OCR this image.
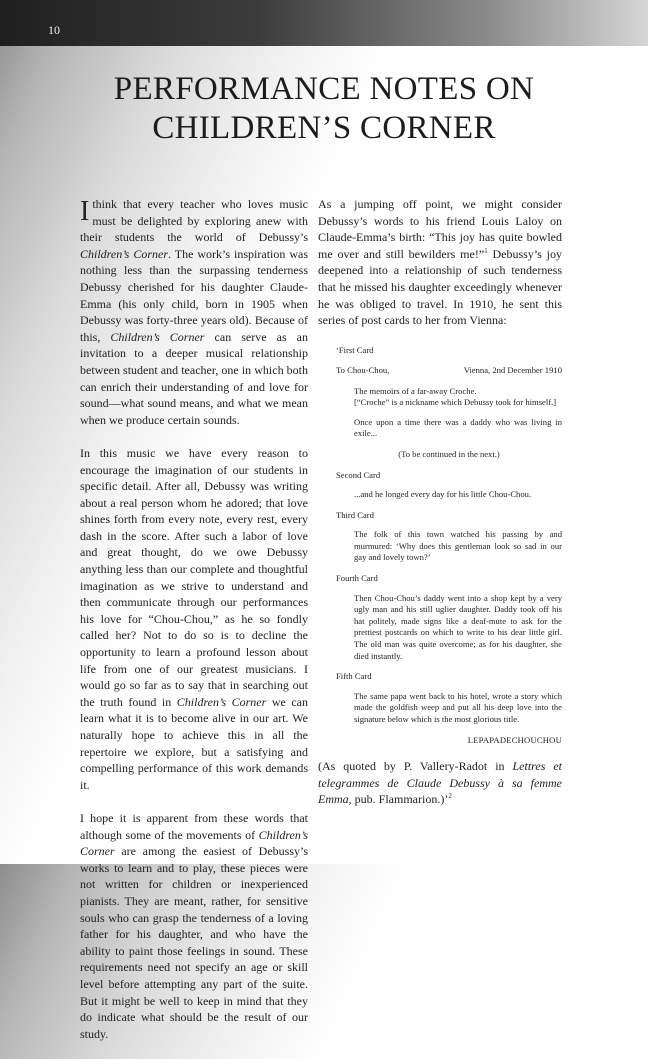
10
PERFORMANCE NOTES ON
CHILDREN’S CORNER

I think that every teacher who loves music must be delighted by exploring anew with their students the world of Debussy’s Children’s Corner. The work’s inspiration was nothing less than the surpassing tenderness Debussy cherished for his daughter Claude-Emma (his only child, born in 1905 when Debussy was forty-three years old). Because of this, Children’s Corner can serve as an invitation to a deeper musical relationship between student and teacher, one in which both can enrich their understanding of and love for sound—what sound means, and what we mean when we produce certain sounds.

In this music we have every reason to encourage the imagination of our students in specific detail. After all, Debussy was writing about a real person whom he adored; that love shines forth from every note, every rest, every dash in the score. After such a labor of love and great thought, do we owe Debussy anything less than our complete and thoughtful imagination as we strive to understand and then communicate through our performances his love for “Chou-Chou,” as he so fondly called her? Not to do so is to decline the opportunity to learn a profound lesson about life from one of our greatest musicians. I would go so far as to say that in searching out the truth found in Children’s Corner we can learn what it is to become alive in our art. We naturally hope to achieve this in all the repertoire we explore, but a satisfying and compelling performance of this work demands it.

I hope it is apparent from these words that although some of the movements of Children’s Corner are among the easiest of Debussy’s works to learn and to play, these pieces were not written for children or inexperienced pianists. They are meant, rather, for sensitive souls who can grasp the tenderness of a loving father for his daughter, and who have the ability to paint those feelings in sound. These requirements need not specify an age or skill level before attempting any part of the suite. But it might be well to keep in mind that they do indicate what should be the result of our study.

As a jumping off point, we might consider Debussy’s words to his friend Louis Laloy on Claude-Emma’s birth: “This joy has quite bowled me over and still bewilders me!”$^1$ Debussy’s joy deepened into a relationship of such tenderness that he missed his daughter exceedingly whenever he was obliged to travel. In 1910, he sent this series of post cards to her from Vienna:

‘First Card
To Chou-Chou,	Vienna, 2nd December 1910
The memoirs of a far-away Croche.

[“Croche” is a nickname which Debussy took for himself.]

Once upon a time there was a daddy who was living in exile...

(To be continued in the next.)
Second Card
...and he longed every day for his little Chou-Chou.
Third Card
The folk of this town watched his passing by and murmured: ‘Why does this gentleman look so sad in our gay and lovely town?’
Fourth Card
Then Chou-Chou’s daddy went into a shop kept by a very ugly man and his still uglier daughter. Daddy took off his hat politely, made signs like a deaf-mute to ask for the prettiest postcards on which to write to his dear little girl. The old man was quite overcome; as for his daughter, she died instantly.
Fifth Card
The same papa went back to his hotel, wrote a story which made the goldfish weep and put all his deep love into the signature below which is the most glorious title.
LEPAPADECHOUCHOU

(As quoted by P. Vallery-Radot in Lettres et telegrammes de Claude Debussy à sa femme Emma, pub. Flammarion.)’$^2$
